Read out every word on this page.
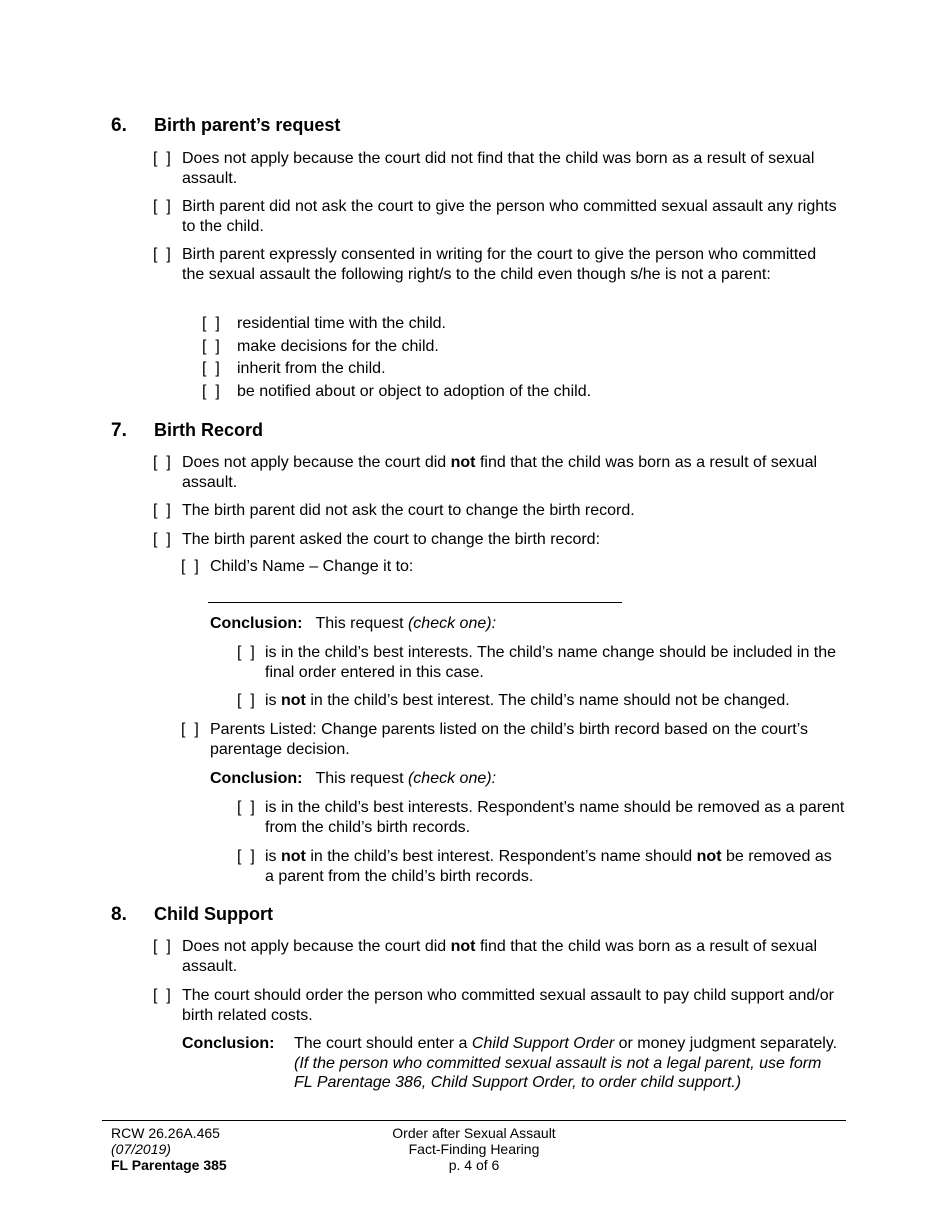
6. Birth parent’s request
[  ] Does not apply because the court did not find that the child was born as a result of sexual assault.
[  ] Birth parent did not ask the court to give the person who committed sexual assault any rights to the child.
[  ] Birth parent expressly consented in writing for the court to give the person who committed the sexual assault the following right/s to the child even though s/he is not a parent:
[  ] residential time with the child.
[  ] make decisions for the child.
[  ] inherit from the child.
[  ] be notified about or object to adoption of the child.
7. Birth Record
[  ] Does not apply because the court did not find that the child was born as a result of sexual assault.
[  ] The birth parent did not ask the court to change the birth record.
[  ] The birth parent asked the court to change the birth record:
[  ] Child’s Name – Change it to:
Conclusion: This request (check one):
[  ] is in the child’s best interests. The child’s name change should be included in the final order entered in this case.
[  ] is not in the child’s best interest. The child’s name should not be changed.
[  ] Parents Listed: Change parents listed on the child’s birth record based on the court’s parentage decision.
Conclusion: This request (check one):
[  ] is in the child’s best interests. Respondent’s name should be removed as a parent from the child’s birth records.
[  ] is not in the child’s best interest. Respondent’s name should not be removed as a parent from the child’s birth records.
8. Child Support
[  ] Does not apply because the court did not find that the child was born as a result of sexual assault.
[  ] The court should order the person who committed sexual assault to pay child support and/or birth related costs.
Conclusion: The court should enter a Child Support Order or money judgment separately. (If the person who committed sexual assault is not a legal parent, use form FL Parentage 386, Child Support Order, to order child support.)
RCW 26.26A.465
(07/2019)
FL Parentage 385
Order after Sexual Assault
Fact-Finding Hearing
p. 4 of 6
